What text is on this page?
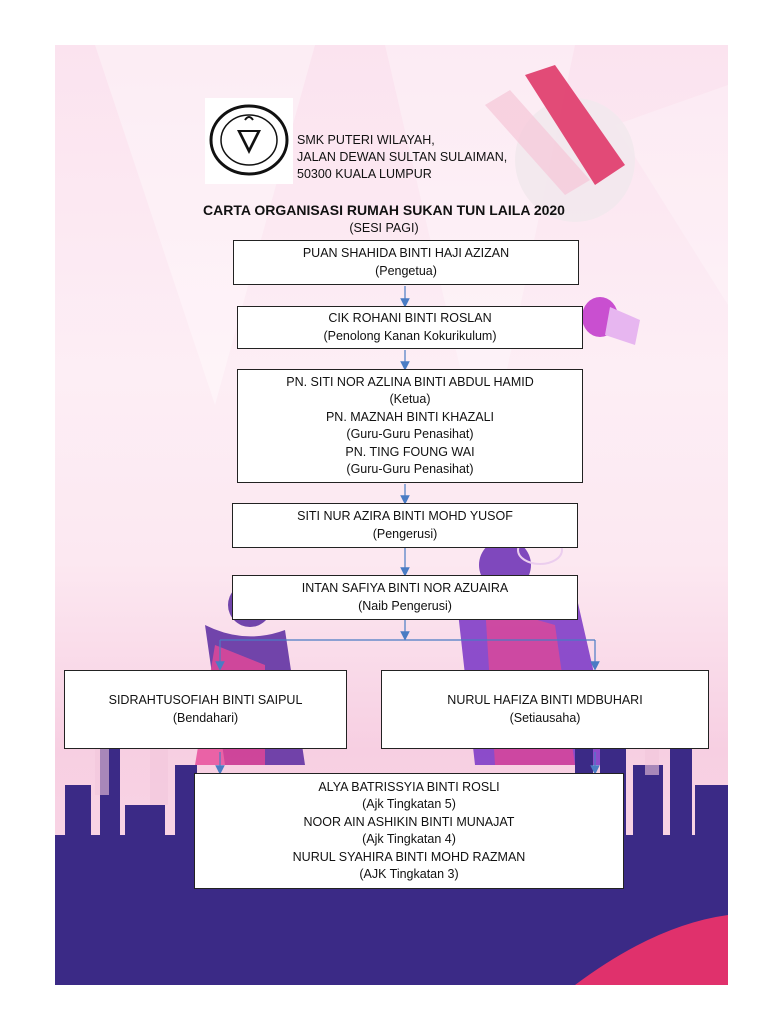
SMK PUTERI WILAYAH,
JALAN DEWAN SULTAN SULAIMAN,
50300 KUALA LUMPUR
CARTA ORGANISASI RUMAH SUKAN TUN LAILA 2020
(SESI PAGI)
PUAN SHAHIDA BINTI HAJI AZIZAN
(Pengetua)
CIK ROHANI BINTI ROSLAN
(Penolong Kanan Kokurikulum)
PN. SITI NOR AZLINA BINTI ABDUL HAMID
(Ketua)
PN. MAZNAH BINTI KHAZALI
(Guru-Guru Penasihat)
PN. TING FOUNG WAI
(Guru-Guru Penasihat)
SITI NUR AZIRA BINTI MOHD YUSOF
(Pengerusi)
INTAN SAFIYA BINTI NOR AZUAIRA
(Naib Pengerusi)
SIDRAHTUSOFIAH BINTI SAIPUL
(Bendahari)
NURUL HAFIZA BINTI MDBUHARI
(Setiausaha)
ALYA BATRISSYIA BINTI ROSLI
(Ajk Tingkatan 5)
NOOR AIN ASHIKIN BINTI MUNAJAT
(Ajk Tingkatan 4)
NURUL SYAHIRA BINTI MOHD RAZMAN
(AJK Tingkatan 3)
